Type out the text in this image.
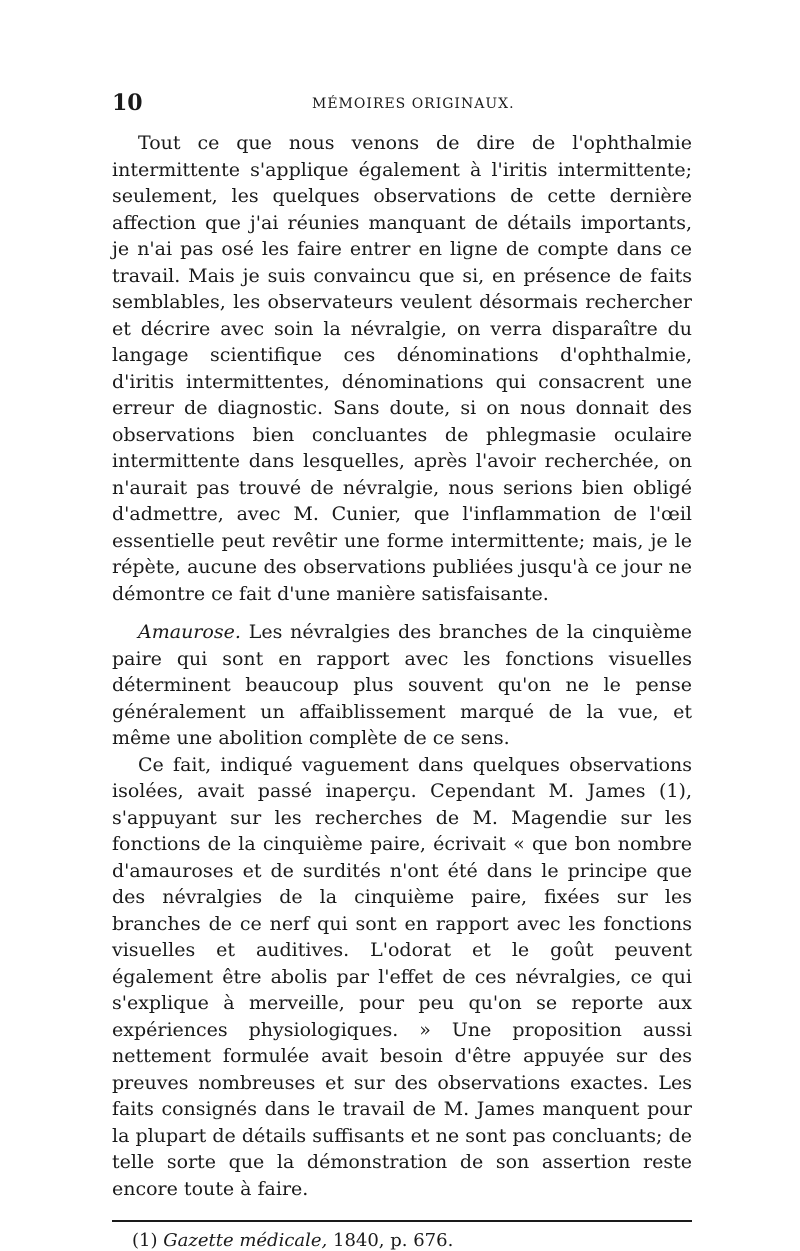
10	MÉMOIRES ORIGINAUX.

Tout ce que nous venons de dire de l'ophthalmie intermittente s'applique également à l'iritis intermittente; seulement, les quelques observations de cette dernière affection que j'ai réunies manquant de détails importants, je n'ai pas osé les faire entrer en ligne de compte dans ce travail. Mais je suis convaincu que si, en présence de faits semblables, les observateurs veulent désormais rechercher et décrire avec soin la névralgie, on verra disparaître du langage scientifique ces dénominations d'ophthalmie, d'iritis intermittentes, dénominations qui consacrent une erreur de diagnostic. Sans doute, si on nous donnait des observations bien concluantes de phlegmasie oculaire intermittente dans lesquelles, après l'avoir recherchée, on n'aurait pas trouvé de névralgie, nous serions bien obligé d'admettre, avec M. Cunier, que l'inflammation de l'œil essentielle peut revêtir une forme intermittente; mais, je le répète, aucune des observations publiées jusqu'à ce jour ne démontre ce fait d'une manière satisfaisante.

Amaurose. Les névralgies des branches de la cinquième paire qui sont en rapport avec les fonctions visuelles déterminent beaucoup plus souvent qu'on ne le pense généralement un affaiblissement marqué de la vue, et même une abolition complète de ce sens.

Ce fait, indiqué vaguement dans quelques observations isolées, avait passé inaperçu. Cependant M. James (1), s'appuyant sur les recherches de M. Magendie sur les fonctions de la cinquième paire, écrivait « que bon nombre d'amauroses et de surdités n'ont été dans le principe que des névralgies de la cinquième paire, fixées sur les branches de ce nerf qui sont en rapport avec les fonctions visuelles et auditives. L'odorat et le goût peuvent également être abolis par l'effet de ces névralgies, ce qui s'explique à merveille, pour peu qu'on se reporte aux expériences physiologiques. » Une proposition aussi nettement formulée avait besoin d'être appuyée sur des preuves nombreuses et sur des observations exactes. Les faits consignés dans le travail de M. James manquent pour la plupart de détails suffisants et ne sont pas concluants; de telle sorte que la démonstration de son assertion reste encore toute à faire.

(1) Gazette médicale, 1840, p. 676.
